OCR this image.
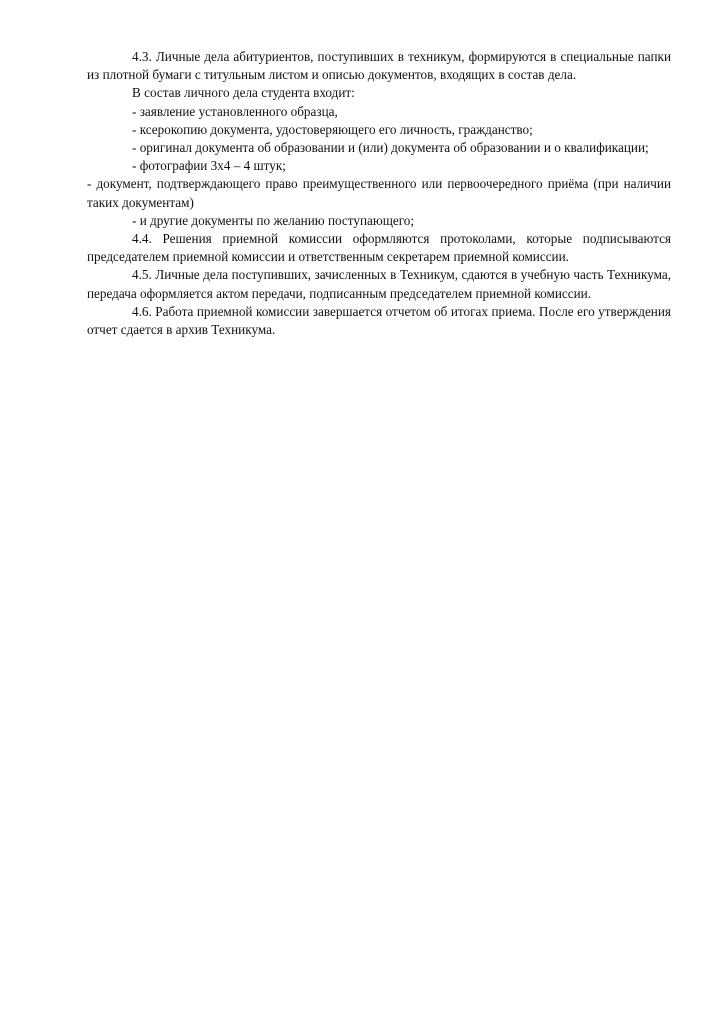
4.3. Личные дела абитуриентов, поступивших в техникум, формируются в специальные папки из плотной бумаги с титульным листом и описью документов, входящих в состав дела.

В состав личного дела студента входит:

- заявление установленного образца,

- ксерокопию документа, удостоверяющего его личность, гражданство;

- оригинал документа об образовании и (или) документа об образовании и о квалификации;

- фотографии 3х4 – 4 штук;

- документ, подтверждающего право преимущественного или первоочередного приёма (при наличии таких документам)

- и другие документы по желанию поступающего;

4.4. Решения приемной комиссии оформляются протоколами, которые подписываются председателем приемной комиссии и ответственным секретарем приемной комиссии.

4.5. Личные дела поступивших, зачисленных в Техникум, сдаются в учебную часть Техникума, передача оформляется актом передачи, подписанным председателем приемной комиссии.

4.6. Работа приемной комиссии завершается отчетом об итогах приема. После его утверждения отчет сдается в архив Техникума.
